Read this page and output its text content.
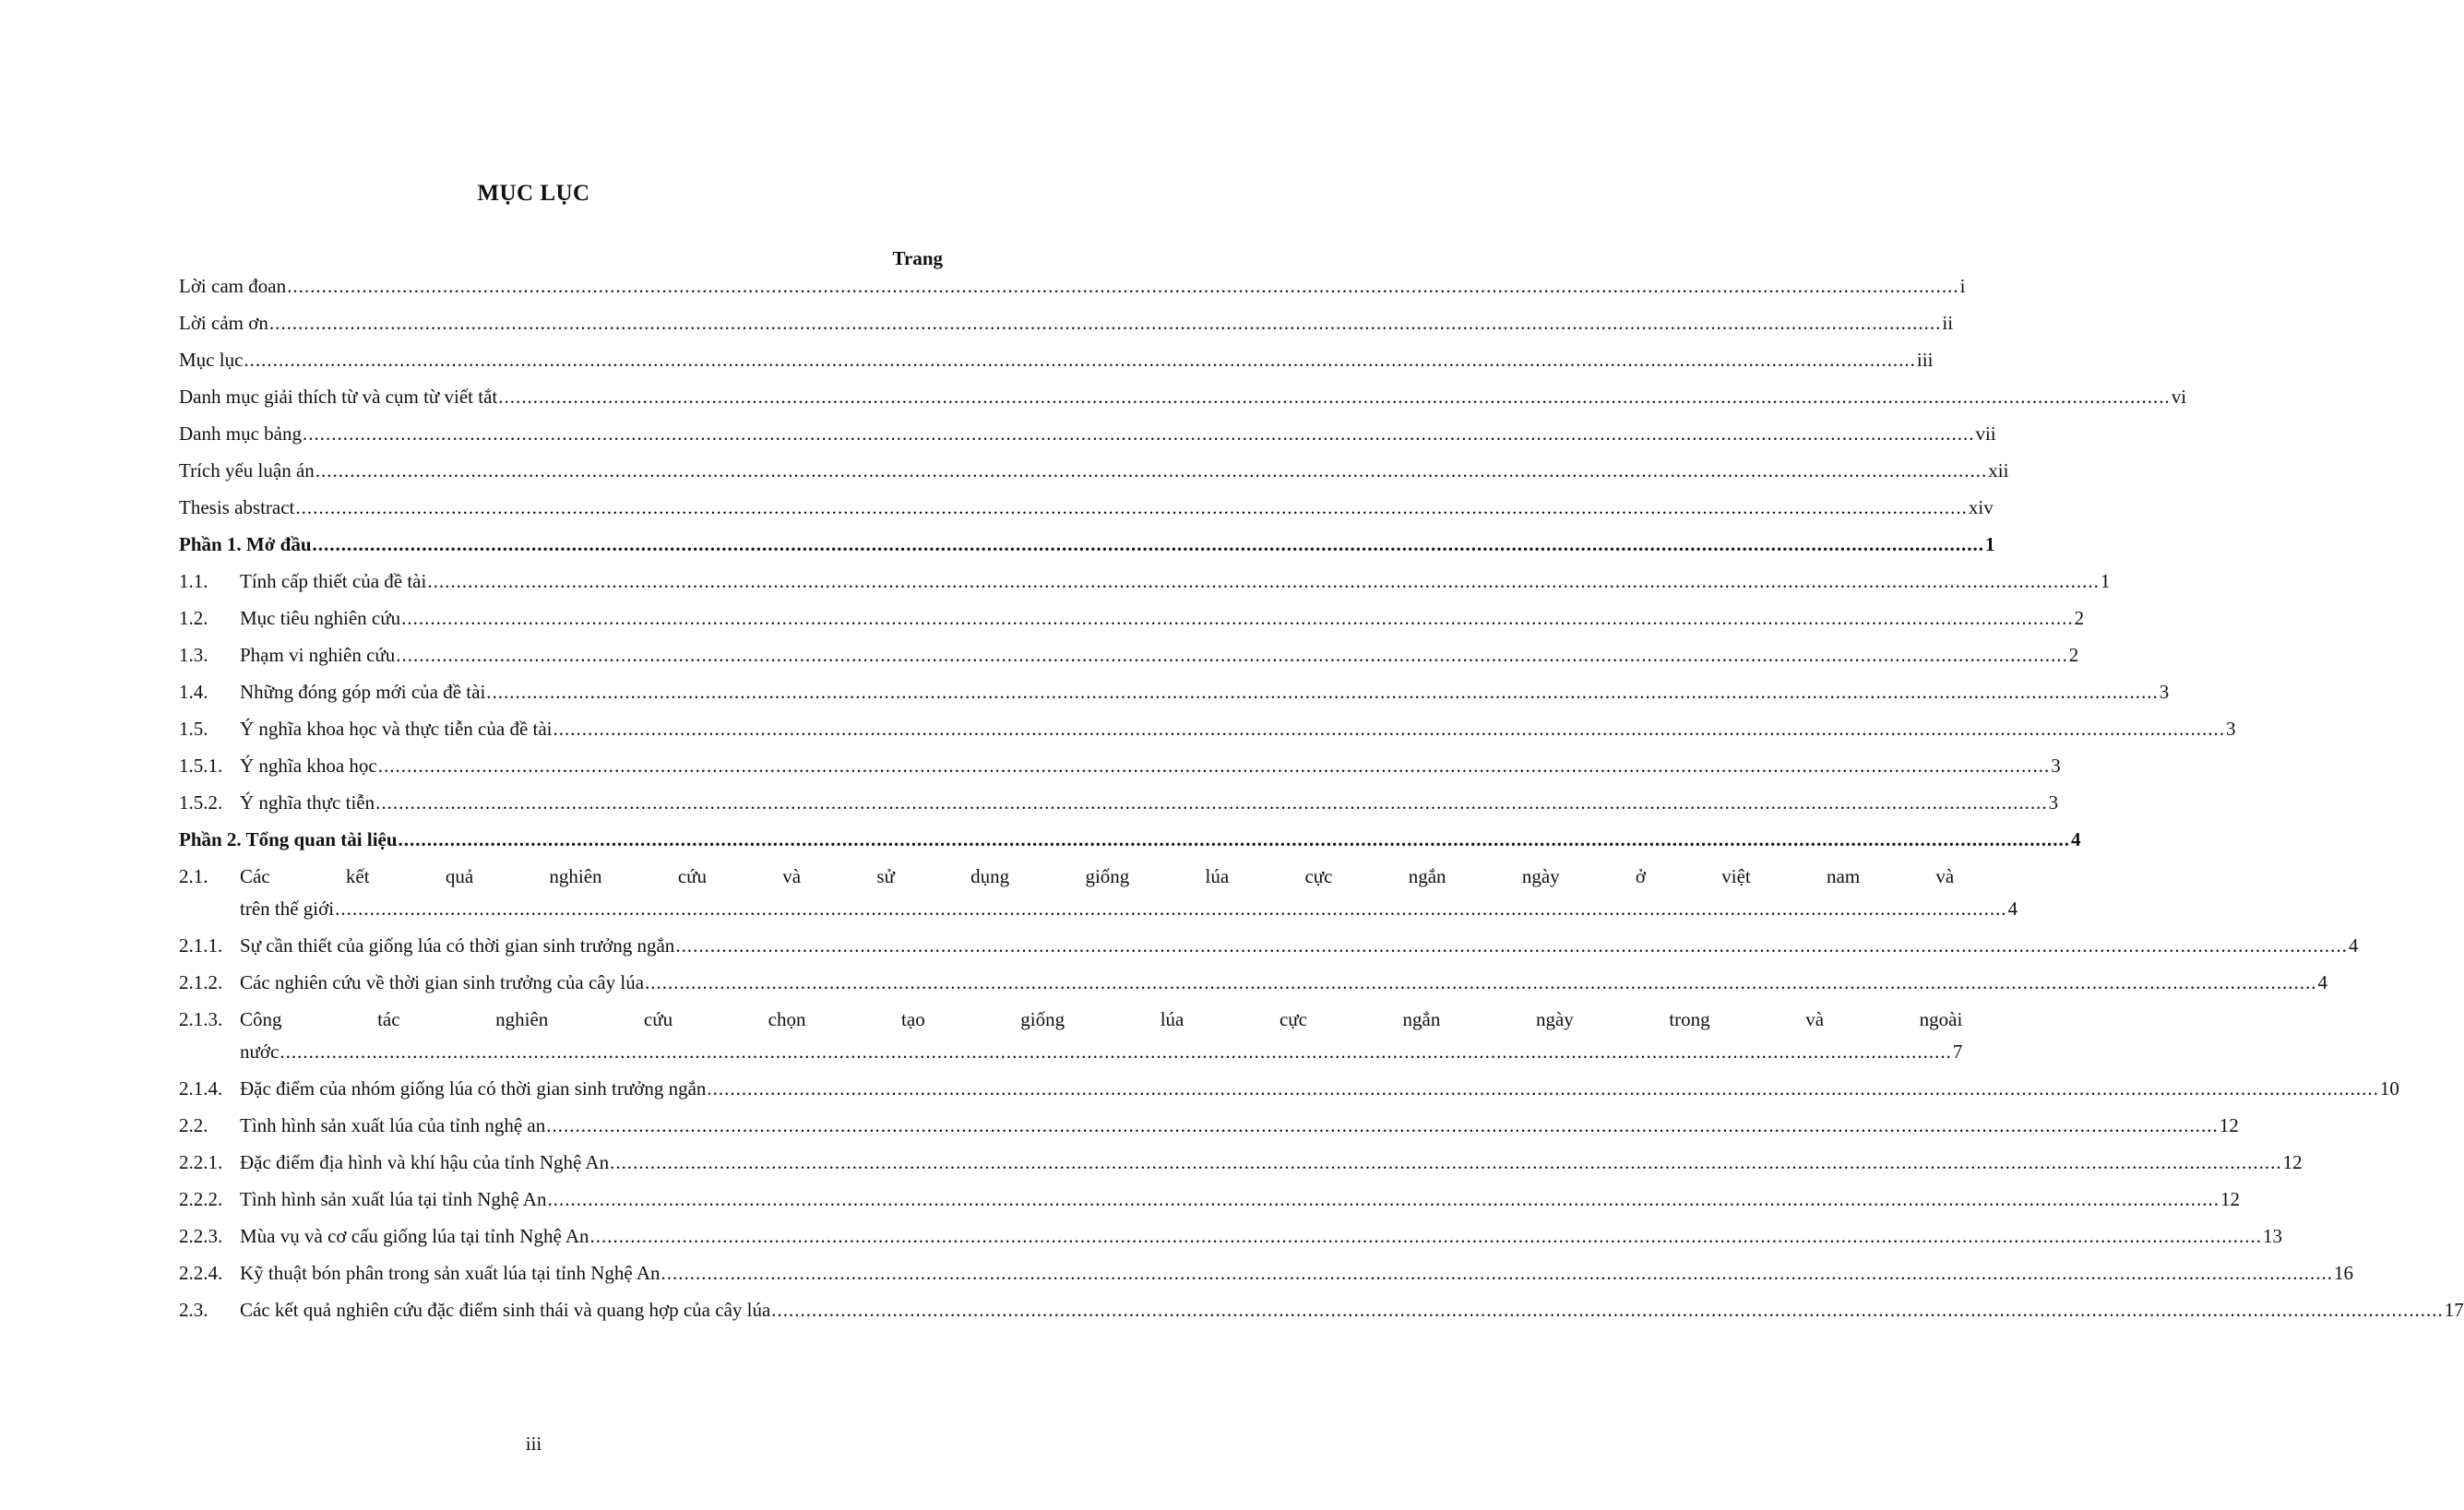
MỤC LỤC
Trang
Lời cam đoan .....	i
Lời cảm ơn .....	ii
Mục lục .....	iii
Danh mục giải thích từ và cụm từ viết tắt .....	vi
Danh mục bảng .....	vii
Trích yếu luận án .....	xii
Thesis abstract .....	xiv
Phần 1. Mở đầu .....	1
1.1.	Tính cấp thiết của đề tài .....	1
1.2.	Mục tiêu nghiên cứu .....	2
1.3.	Phạm vi nghiên cứu .....	2
1.4.	Những đóng góp mới của đề tài .....	3
1.5.	Ý nghĩa khoa học và thực tiễn của đề tài .....	3
1.5.1. Ý nghĩa khoa học .....	3
1.5.2. Ý nghĩa thực tiễn .....	3
Phần 2. Tổng quan tài liệu .....	4
2.1.	Các kết quả nghiên cứu và sử dụng giống lúa cực ngắn ngày ở việt nam và
trên thế giới .....	4
2.1.1. Sự cần thiết của giống lúa có thời gian sinh trưởng ngắn .....	4
2.1.2. Các nghiên cứu về thời gian sinh trưởng của cây lúa .....	4
2.1.3. Công tác nghiên cứu chọn tạo giống lúa cực ngắn ngày trong và ngoài
nước .....	7
2.1.4. Đặc điểm của nhóm giống lúa có thời gian sinh trưởng ngắn .....	10
2.2.	Tình hình sản xuất lúa của tỉnh nghệ an .....	12
2.2.1. Đặc điểm địa hình và khí hậu của tỉnh Nghệ An .....	12
2.2.2. Tình hình sản xuất lúa tại tỉnh Nghệ An .....	12
2.2.3. Mùa vụ và cơ cấu giống lúa tại tỉnh Nghệ An .....	13
2.2.4. Kỹ thuật bón phân trong sản xuất lúa tại tỉnh Nghệ An .....	16
2.3.	Các kết quả nghiên cứu đặc điểm sinh thái và quang hợp của cây lúa .....	17
iii
